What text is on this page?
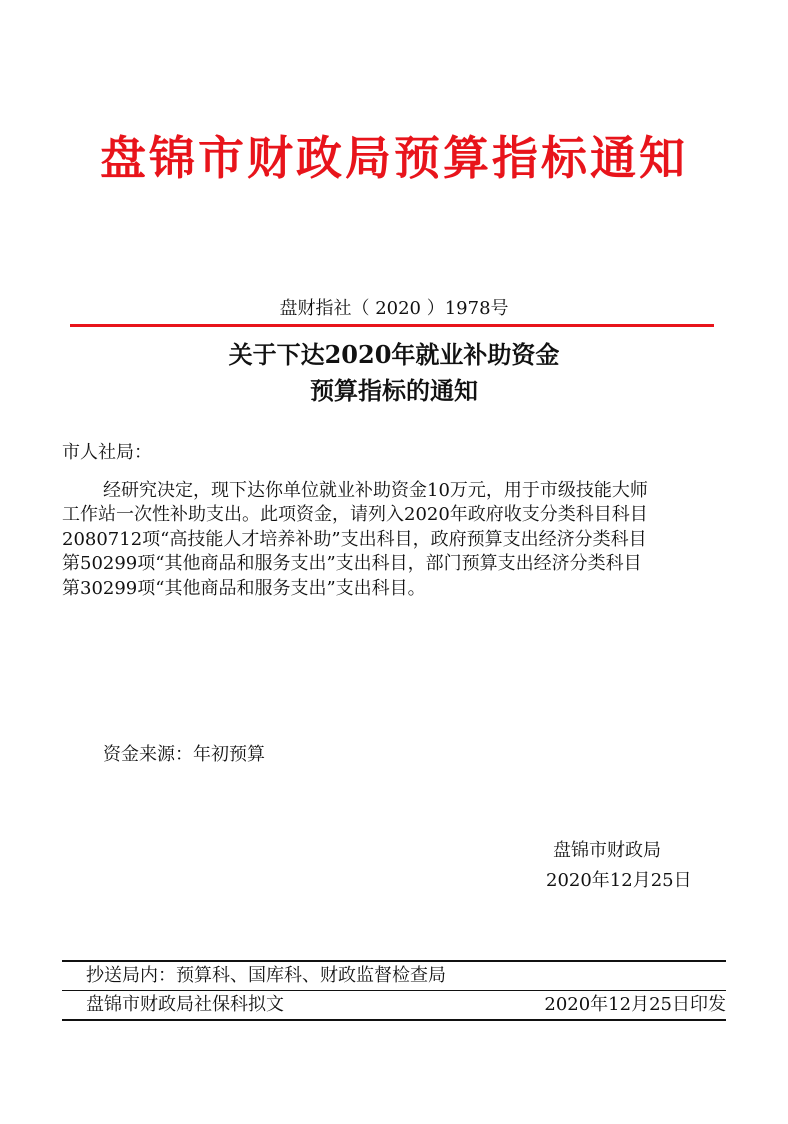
盘锦市财政局预算指标通知
盘财指社（ 2020 ）1978号
关于下达2020年就业补助资金
预算指标的通知
市人社局：
经研究决定，现下达你单位就业补助资金10万元，用于市级技能大师
工作站一次性补助支出。此项资金，请列入2020年政府收支分类科目科目
2080712项“高技能人才培养补助”支出科目，政府预算支出经济分类科目
第50299项“其他商品和服务支出”支出科目，部门预算支出经济分类科目
第30299项“其他商品和服务支出”支出科目。
资金来源：年初预算
盘锦市财政局
2020年12月25日
抄送局内：预算科、国库科、财政监督检查局
盘锦市财政局社保科拟文	2020年12月25日印发
